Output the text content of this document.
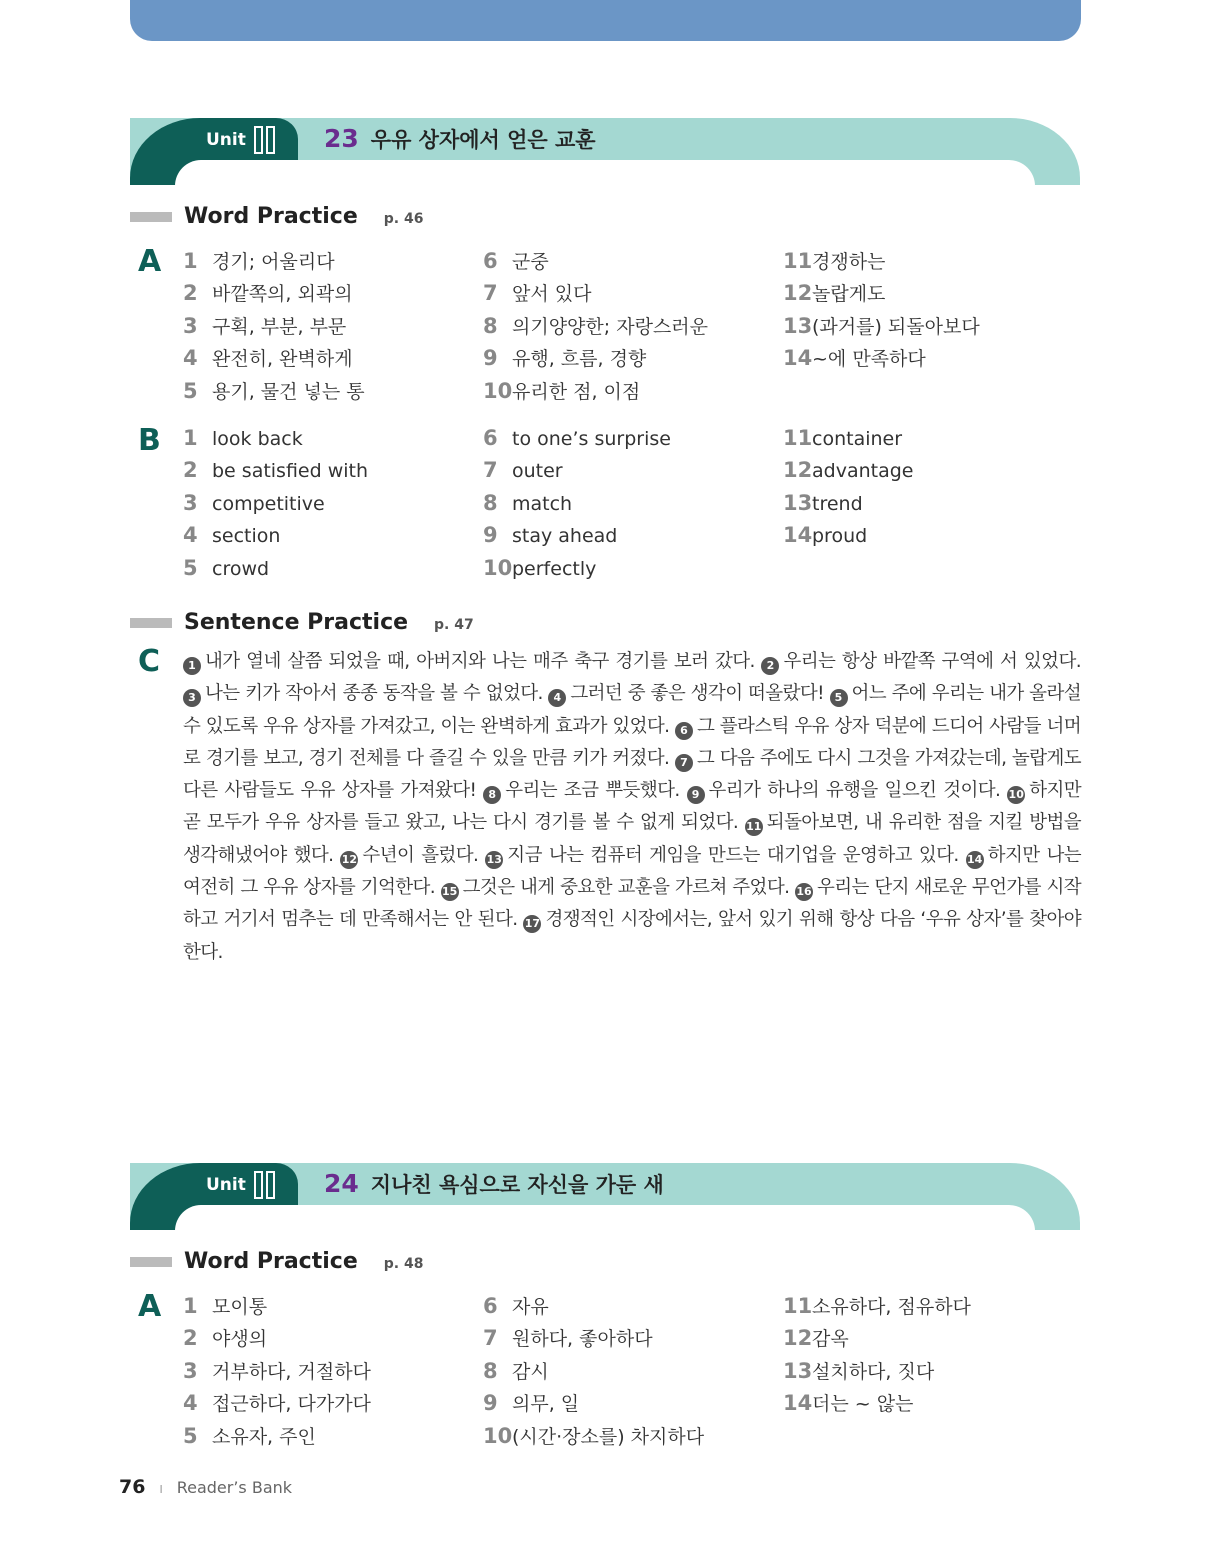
Unit	23 우유 상자에서 얻은 교훈
Word Practice p. 46
A 1 경기; 어울리다
2 바깥쪽의, 외곽의
3 구획, 부분, 부문
4 완전히, 완벽하게
5 용기, 물건 넣는 통
6 군중
7 앞서 있다
8 의기양양한; 자랑스러운
9 유행, 흐름, 경향
10 유리한 점, 이점
11 경쟁하는
12 놀랍게도
13 (과거를) 되돌아보다
14 ~에 만족하다
B 1 look back
2 be satisfied with
3 competitive
4 section
5 crowd
6 to one’s surprise
7 outer
8 match
9 stay ahead
10 perfectly
11 container
12 advantage
13 trend
14 proud
Sentence Practice p. 47
C	1 내가 열네 살쯤 되었을 때, 아버지와 나는 매주 축구 경기를 보러 갔다. 2 우리는 항상 바깥쪽 구역에 서 있었다. 3 나는 키가 작아서 종종 동작을 볼 수 없었다. 4 그러던 중 좋은 생각이 떠올랐다! 5 어느 주에 우리는 내가 올라설 수 있도록 우유 상자를 가져갔고, 이는 완벽하게 효과가 있었다. 6 그 플라스틱 우유 상자 덕분에 드디어 사람들 너머로 경기를 보고, 경기 전체를 다 즐길 수 있을 만큼 키가 커졌다. 7 그 다음 주에도 다시 그것을 가져갔는데, 놀랍게도 다른 사람들도 우유 상자를 가져왔다! 8 우리는 조금 뿌듯했다. 9 우리가 하나의 유행을 일으킨 것이다. 10 하지만 곧 모두가 우유 상자를 들고 왔고, 나는 다시 경기를 볼 수 없게 되었다. 11 되돌아보면, 내 유리한 점을 지킬 방법을 생각해냈어야 했다. 12 수년이 흘렀다. 13 지금 나는 컴퓨터 게임을 만드는 대기업을 운영하고 있다. 14 하지만 나는 여전히 그 우유 상자를 기억한다. 15 그것은 내게 중요한 교훈을 가르쳐 주었다. 16 우리는 단지 새로운 무언가를 시작하고 거기서 멈추는 데 만족해서는 안 된다. 17 경쟁적인 시장에서는, 앞서 있기 위해 항상 다음 ‘우유 상자’를 찾아야 한다.
Unit	24 지나친 욕심으로 자신을 가둔 새
Word Practice p. 48
A 1 모이통
2 야생의
3 거부하다, 거절하다
4 접근하다, 다가가다
5 소유자, 주인
6 자유
7 원하다, 좋아하다
8 감시
9 의무, 일
10 (시간·장소를) 차지하다
11 소유하다, 점유하다
12 감옥
13 설치하다, 짓다
14 더는 ~ 않는
76 I Reader’s Bank
